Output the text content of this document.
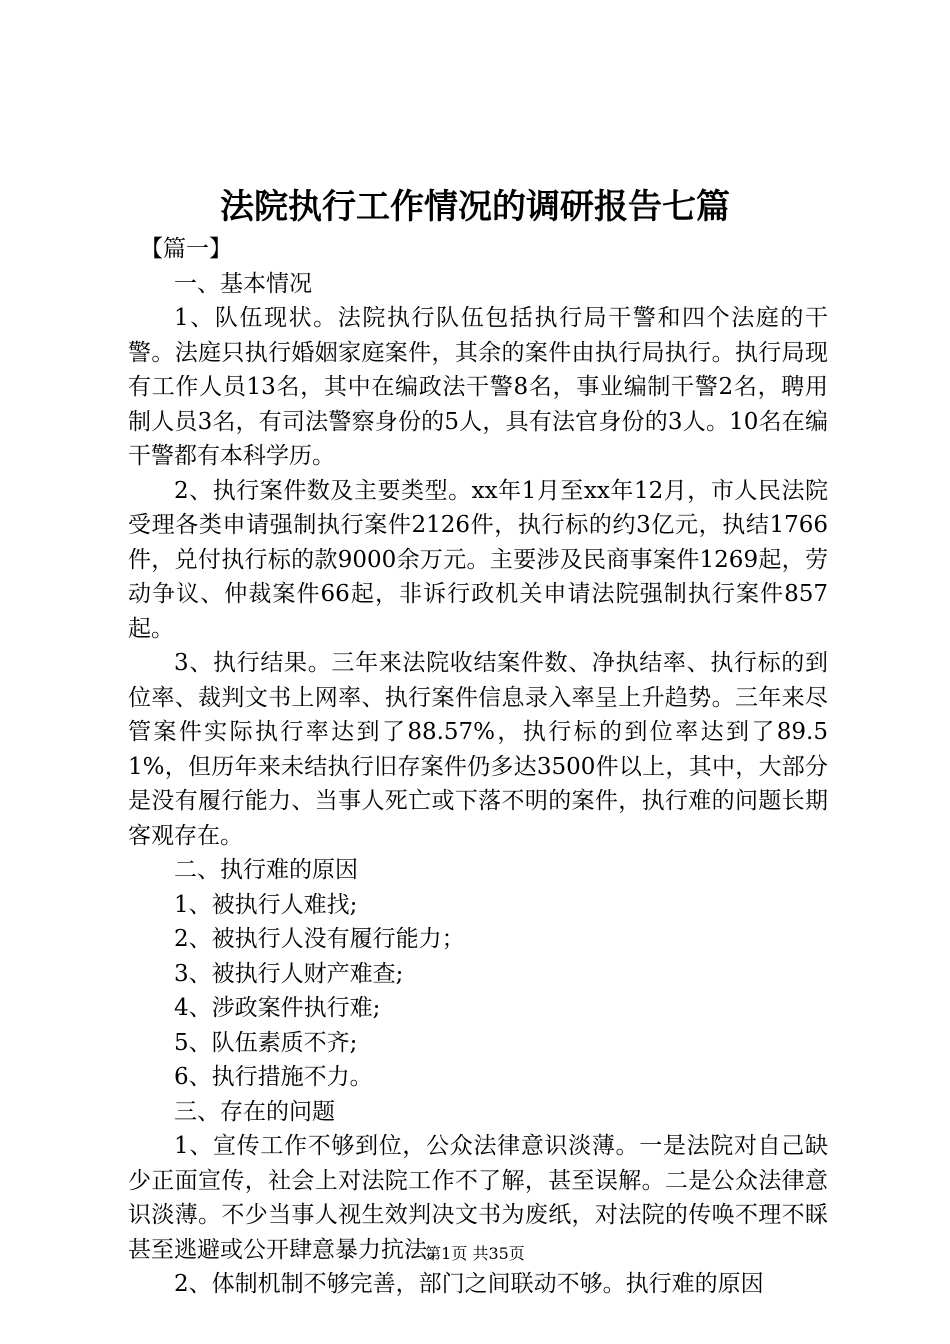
法院执行工作情况的调研报告七篇

【篇一】

一、基本情况

1、队伍现状。法院执行队伍包括执行局干警和四个法庭的干警。法庭只执行婚姻家庭案件，其余的案件由执行局执行。执行局现有工作人员13名，其中在编政法干警8名，事业编制干警2名，聘用制人员3名，有司法警察身份的5人，具有法官身份的3人。10名在编干警都有本科学历。

2、执行案件数及主要类型。xx年1月至xx年12月，市人民法院受理各类申请强制执行案件2126件，执行标的约3亿元，执结1766件，兑付执行标的款9000余万元。主要涉及民商事案件1269起，劳动争议、仲裁案件66起，非诉行政机关申请法院强制执行案件857起。

3、执行结果。三年来法院收结案件数、净执结率、执行标的到位率、裁判文书上网率、执行案件信息录入率呈上升趋势。三年来尽管案件实际执行率达到了88.57%，执行标的到位率达到了89.51%，但历年来未结执行旧存案件仍多达3500件以上，其中，大部分是没有履行能力、当事人死亡或下落不明的案件，执行难的问题长期客观存在。

二、执行难的原因

1、被执行人难找;

2、被执行人没有履行能力；

3、被执行人财产难查;

4、涉政案件执行难;

5、队伍素质不齐;

6、执行措施不力。

三、存在的问题

1、宣传工作不够到位，公众法律意识淡薄。一是法院对自己缺少正面宣传，社会上对法院工作不了解，甚至误解。二是公众法律意识淡薄。不少当事人视生效判决文书为废纸，对法院的传唤不理不睬甚至逃避或公开肆意暴力抗法。

2、体制机制不够完善，部门之间联动不够。执行难的原因

第1页 共35页
